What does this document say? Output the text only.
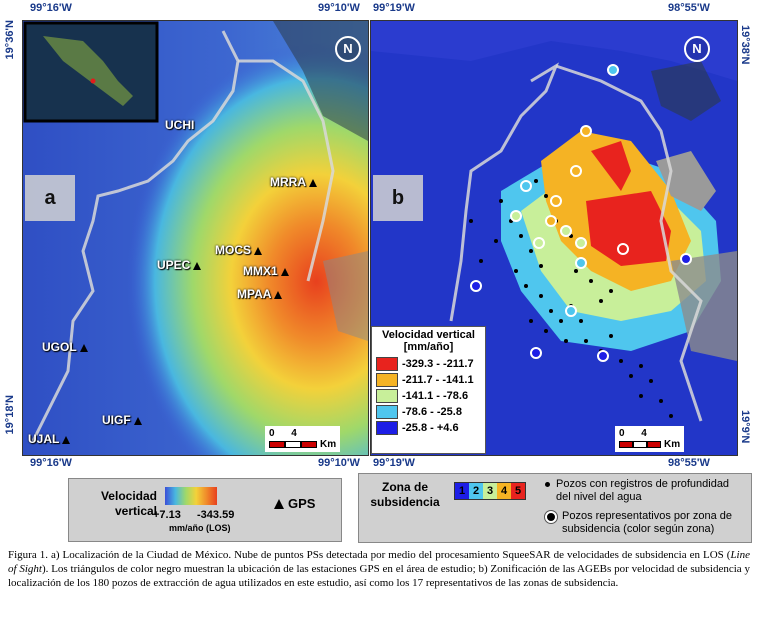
99°16'W	99°10'W
19°36'N
19°18'N
a
N
UCHI
MRRA
MOCS
UPEC	MMX1
MPAA
UGOL
UIGF
UJAL	0      4
Km
99°16'W	99°10'W
99°19'W	98°55'W
19°38'N
19°9'N
b
N
Velocidad vertical [mm/año]
-329.3 - -211.7
-211.7 - -141.1
-141.1 - -78.6
-78.6 - -25.8
-25.8 - +4.6	0      4
Km
99°19'W	98°55'W
Velocidad vertical
+7.13 -343.59
mm/año (LOS)
GPS
Zona de subsidencia
1 2 3 4 5
Pozos con registros de profundidad del nivel del agua
Pozos representativos por zona de subsidencia (color según zona)
Figura 1. a) Localización de la Ciudad de México. Nube de puntos PSs detectada por medio del procesamiento SqueeSAR de velocidades de subsidencia en LOS (Line of Sight). Los triángulos de color negro muestran la ubicación de las estaciones GPS en el área de estudio; b) Zonificación de las AGEBs por velocidad de subsidencia y localización de los 180 pozos de extracción de agua utilizados en este estudio, así como los 17 representativos de las zonas de subsidencia.
